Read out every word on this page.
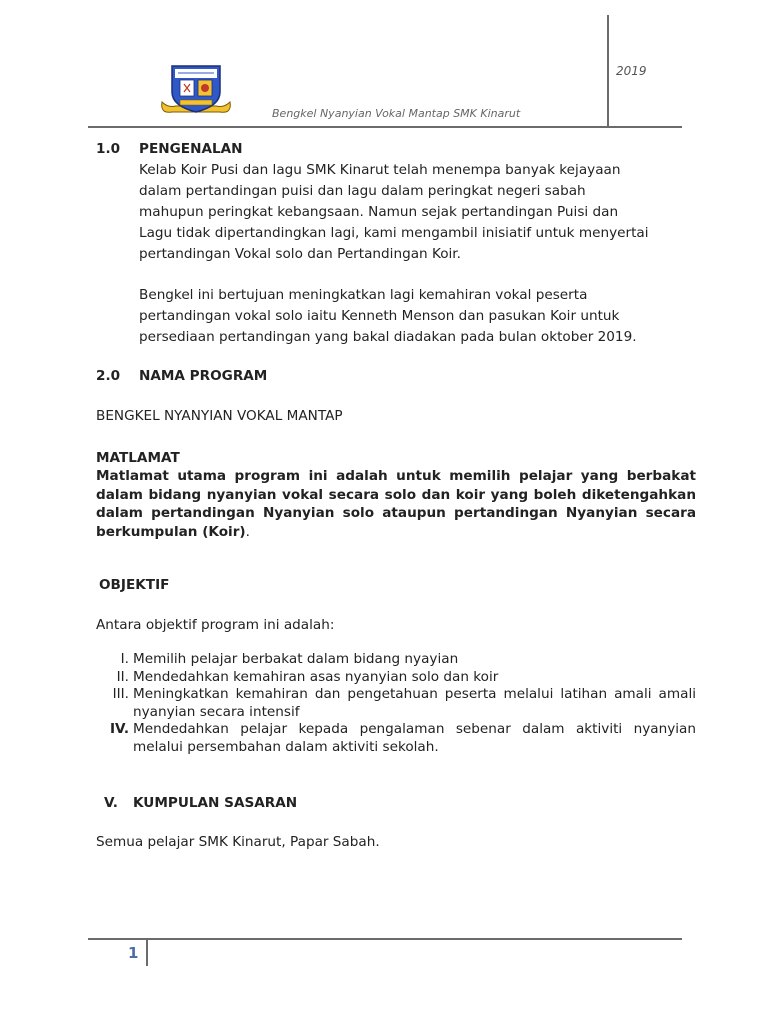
2019
Bengkel Nyanyian Vokal Mantap SMK Kinarut
1.0 PENGENALAN
Kelab Koir Pusi dan lagu SMK Kinarut telah menempa banyak kejayaan
dalam pertandingan puisi dan lagu dalam peringkat negeri sabah
mahupun peringkat kebangsaan. Namun sejak pertandingan Puisi dan
Lagu tidak dipertandingkan lagi, kami mengambil inisiatif untuk menyertai
pertandingan Vokal solo dan Pertandingan Koir.
Bengkel ini bertujuan meningkatkan lagi kemahiran vokal peserta
pertandingan vokal solo iaitu Kenneth Menson dan pasukan Koir untuk
persediaan pertandingan yang bakal diadakan pada bulan oktober 2019.
2.0 NAMA PROGRAM
BENGKEL NYANYIAN VOKAL MANTAP
MATLAMAT
Matlamat utama program ini adalah untuk memilih pelajar yang berbakat dalam bidang nyanyian vokal secara solo dan koir yang boleh diketengahkan dalam pertandingan Nyanyian solo ataupun pertandingan Nyanyian secara berkumpulan (Koir).
OBJEKTIF
Antara objektif program ini adalah:
I. Memilih pelajar berbakat dalam bidang nyayian
II. Mendedahkan kemahiran asas nyanyian solo dan koir
III. Meningkatkan kemahiran dan pengetahuan peserta melalui latihan amali amali nyanyian secara intensif
IV. Mendedahkan pelajar kepada pengalaman sebenar dalam aktiviti nyanyian melalui persembahan dalam aktiviti sekolah.
V. KUMPULAN SASARAN
Semua pelajar SMK Kinarut, Papar Sabah.
1
